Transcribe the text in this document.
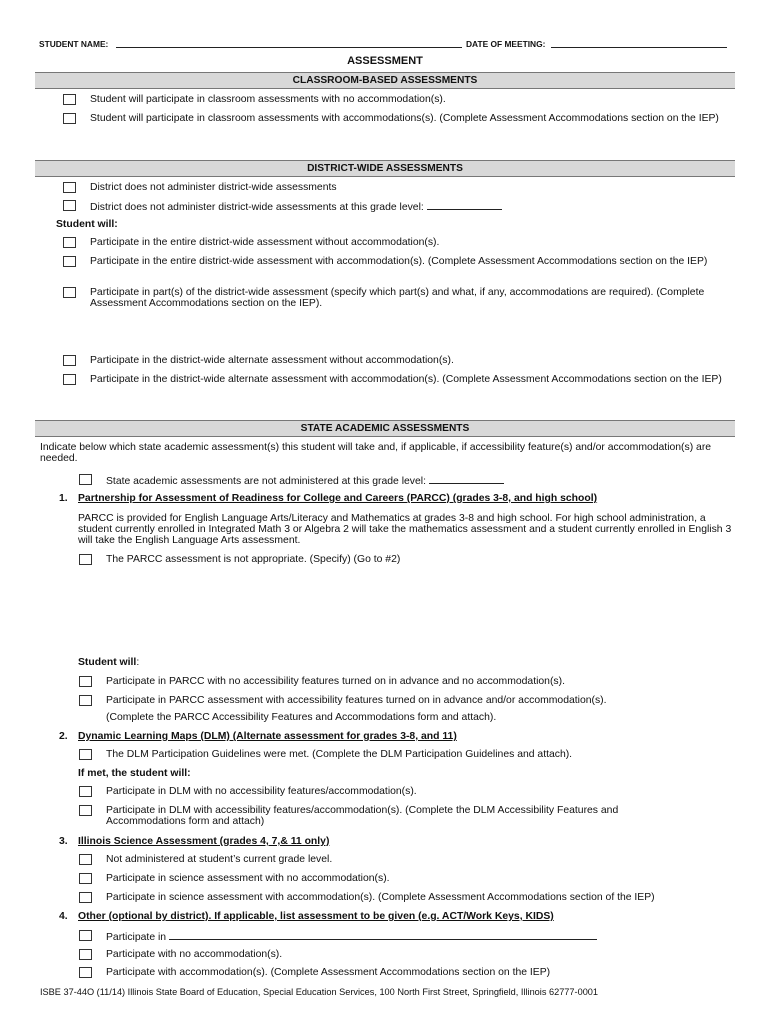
STUDENT NAME:	DATE OF MEETING:
ASSESSMENT
CLASSROOM-BASED ASSESSMENTS
Student will participate in classroom assessments with no accommodation(s).
Student will participate in classroom assessments with accommodations(s). (Complete Assessment Accommodations section on the IEP)
DISTRICT-WIDE ASSESSMENTS
District does not administer district-wide assessments
District does not administer district-wide assessments at this grade level:
Student will:
Participate in the entire district-wide assessment without accommodation(s).
Participate in the entire district-wide assessment with accommodation(s). (Complete Assessment Accommodations section on the IEP)
Participate in part(s) of the district-wide assessment (specify which part(s) and what, if any, accommodations are required). (Complete Assessment Accommodations section on the IEP).
Participate in the district-wide alternate assessment without accommodation(s).
Participate in the district-wide alternate assessment with accommodation(s). (Complete Assessment Accommodations section on the IEP)
STATE ACADEMIC ASSESSMENTS
Indicate below which state academic assessment(s) this student will take and, if applicable, if accessibility feature(s) and/or accommodation(s) are needed.
State academic assessments are not administered at this grade level:
1. Partnership for Assessment of Readiness for College and Careers (PARCC) (grades 3-8, and high school)
PARCC is provided for English Language Arts/Literacy and Mathematics at grades 3-8 and high school. For high school administration, a student currently enrolled in Integrated Math 3 or Algebra 2 will take the mathematics assessment and a student currently enrolled in English 3 will take the English Language Arts assessment.
The PARCC assessment is not appropriate. (Specify) (Go to #2)
Student will:
Participate in PARCC with no accessibility features turned on in advance and no accommodation(s).
Participate in PARCC assessment with accessibility features turned on in advance and/or accommodation(s).
(Complete the PARCC Accessibility Features and Accommodations form and attach).
2. Dynamic Learning Maps (DLM) (Alternate assessment for grades 3-8, and 11)
The DLM Participation Guidelines were met. (Complete the DLM Participation Guidelines and attach).
If met, the student will:
Participate in DLM with no accessibility features/accommodation(s).
Participate in DLM with accessibility features/accommodation(s). (Complete the DLM Accessibility Features and Accommodations form and attach)
3. Illinois Science Assessment (grades 4, 7,& 11 only)
Not administered at student’s current grade level.
Participate in science assessment with no accommodation(s).
Participate in science assessment with accommodation(s). (Complete Assessment Accommodations section of the IEP)
4. Other (optional by district). If applicable, list assessment to be given (e.g. ACT/Work Keys, KIDS)
Participate in
Participate with no accommodation(s).
Participate with accommodation(s). (Complete Assessment Accommodations section on the IEP)
ISBE 37-44O (11/14) Illinois State Board of Education, Special Education Services, 100 North First Street, Springfield, Illinois 62777-0001
